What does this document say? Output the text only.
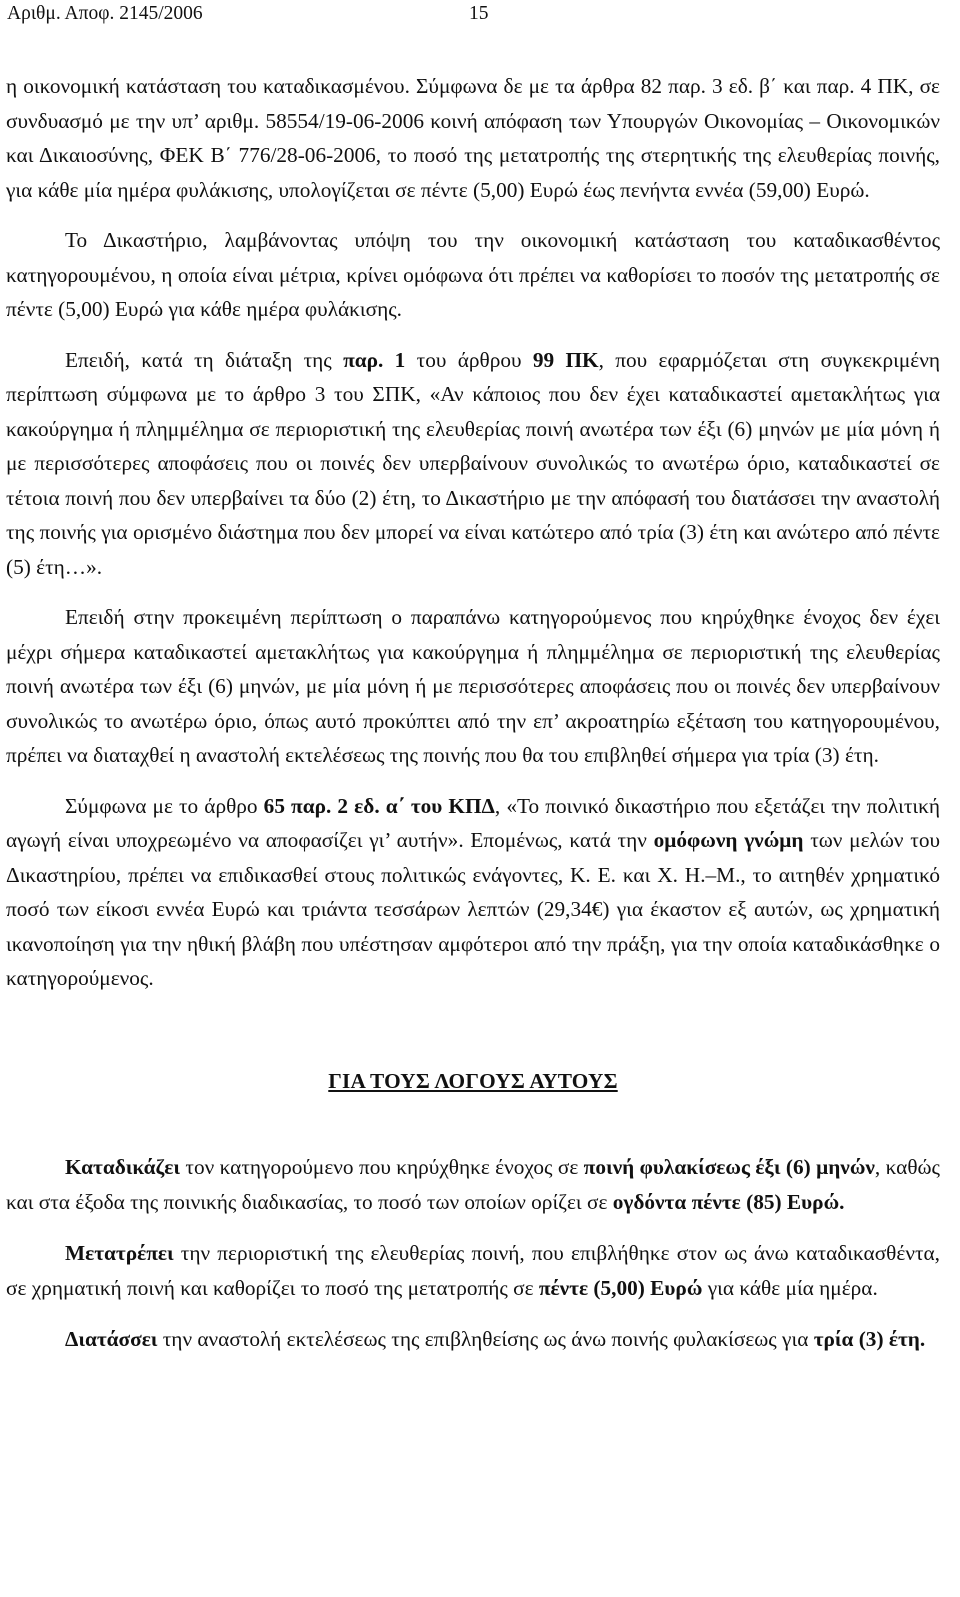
Αριθμ. Αποφ. 2145/2006	15

η οικονομική κατάσταση του καταδικασμένου. Σύμφωνα δε με τα άρθρα 82 παρ. 3 εδ. β΄ και παρ. 4 ΠΚ, σε συνδυασμό με την υπ’ αριθμ. 58554/19-06-2006 κοινή απόφαση των Υπουργών Οικονομίας – Οικονομικών και Δικαιοσύνης, ΦΕΚ Β΄ 776/28-06-2006, το ποσό της μετατροπής της στερητικής της ελευθερίας ποινής, για κάθε μία ημέρα φυλάκισης, υπολογίζεται σε πέντε (5,00) Ευρώ έως πενήντα εννέα (59,00) Ευρώ.

Το Δικαστήριο, λαμβάνοντας υπόψη του την οικονομική κατάσταση του καταδικασθέντος κατηγορουμένου, η οποία είναι μέτρια, κρίνει ομόφωνα ότι πρέπει να καθορίσει το ποσόν της μετατροπής σε πέντε (5,00) Ευρώ για κάθε ημέρα φυλάκισης.

Επειδή, κατά τη διάταξη της παρ. 1 του άρθρου 99 ΠΚ, που εφαρμόζεται στη συγκεκριμένη περίπτωση σύμφωνα με το άρθρο 3 του ΣΠΚ, «Αν κάποιος που δεν έχει καταδικαστεί αμετακλήτως για κακούργημα ή πλημμέλημα σε περιοριστική της ελευθερίας ποινή ανωτέρα των έξι (6) μηνών με μία μόνη ή με περισσότερες αποφάσεις που οι ποινές δεν υπερβαίνουν συνολικώς το ανωτέρω όριο, καταδικαστεί σε τέτοια ποινή που δεν υπερβαίνει τα δύο (2) έτη, το Δικαστήριο με την απόφασή του διατάσσει την αναστολή της ποινής για ορισμένο διάστημα που δεν μπορεί να είναι κατώτερο από τρία (3) έτη και ανώτερο από πέντε (5) έτη…».

Επειδή στην προκειμένη περίπτωση ο παραπάνω κατηγορούμενος που κηρύχθηκε ένοχος δεν έχει μέχρι σήμερα καταδικαστεί αμετακλήτως για κακούργημα ή πλημμέλημα σε περιοριστική της ελευθερίας ποινή ανωτέρα των έξι (6) μηνών, με μία μόνη ή με περισσότερες αποφάσεις που οι ποινές δεν υπερβαίνουν συνολικώς το ανωτέρω όριο, όπως αυτό προκύπτει από την επ’ ακροατηρίω εξέταση του κατηγορουμένου, πρέπει να διαταχθεί η αναστολή εκτελέσεως της ποινής που θα του επιβληθεί σήμερα για τρία (3) έτη.

Σύμφωνα με το άρθρο 65 παρ. 2 εδ. α΄ του ΚΠΔ, «Το ποινικό δικαστήριο που εξετάζει την πολιτική αγωγή είναι υποχρεωμένο να αποφασίζει γι’ αυτήν». Επομένως, κατά την ομόφωνη γνώμη των μελών του Δικαστηρίου, πρέπει να επιδικασθεί στους πολιτικώς ενάγοντες, Κ. Ε. και Χ. Η.–Μ., το αιτηθέν χρηματικό ποσό των είκοσι εννέα Ευρώ και τριάντα τεσσάρων λεπτών (29,34€) για έκαστον εξ αυτών, ως χρηματική ικανοποίηση για την ηθική βλάβη που υπέστησαν αμφότεροι από την πράξη, για την οποία καταδικάσθηκε ο κατηγορούμενος.

ΓΙΑ ΤΟΥΣ ΛΟΓΟΥΣ ΑΥΤΟΥΣ

Καταδικάζει τον κατηγορούμενο που κηρύχθηκε ένοχος σε ποινή φυλακίσεως έξι (6) μηνών, καθώς και στα έξοδα της ποινικής διαδικασίας, το ποσό των οποίων ορίζει σε ογδόντα πέντε (85) Ευρώ.

Μετατρέπει την περιοριστική της ελευθερίας ποινή, που επιβλήθηκε στον ως άνω καταδικασθέντα, σε χρηματική ποινή και καθορίζει το ποσό της μετατροπής σε πέντε (5,00) Ευρώ για κάθε μία ημέρα.

Διατάσσει την αναστολή εκτελέσεως της επιβληθείσης ως άνω ποινής φυλακίσεως για τρία (3) έτη.
